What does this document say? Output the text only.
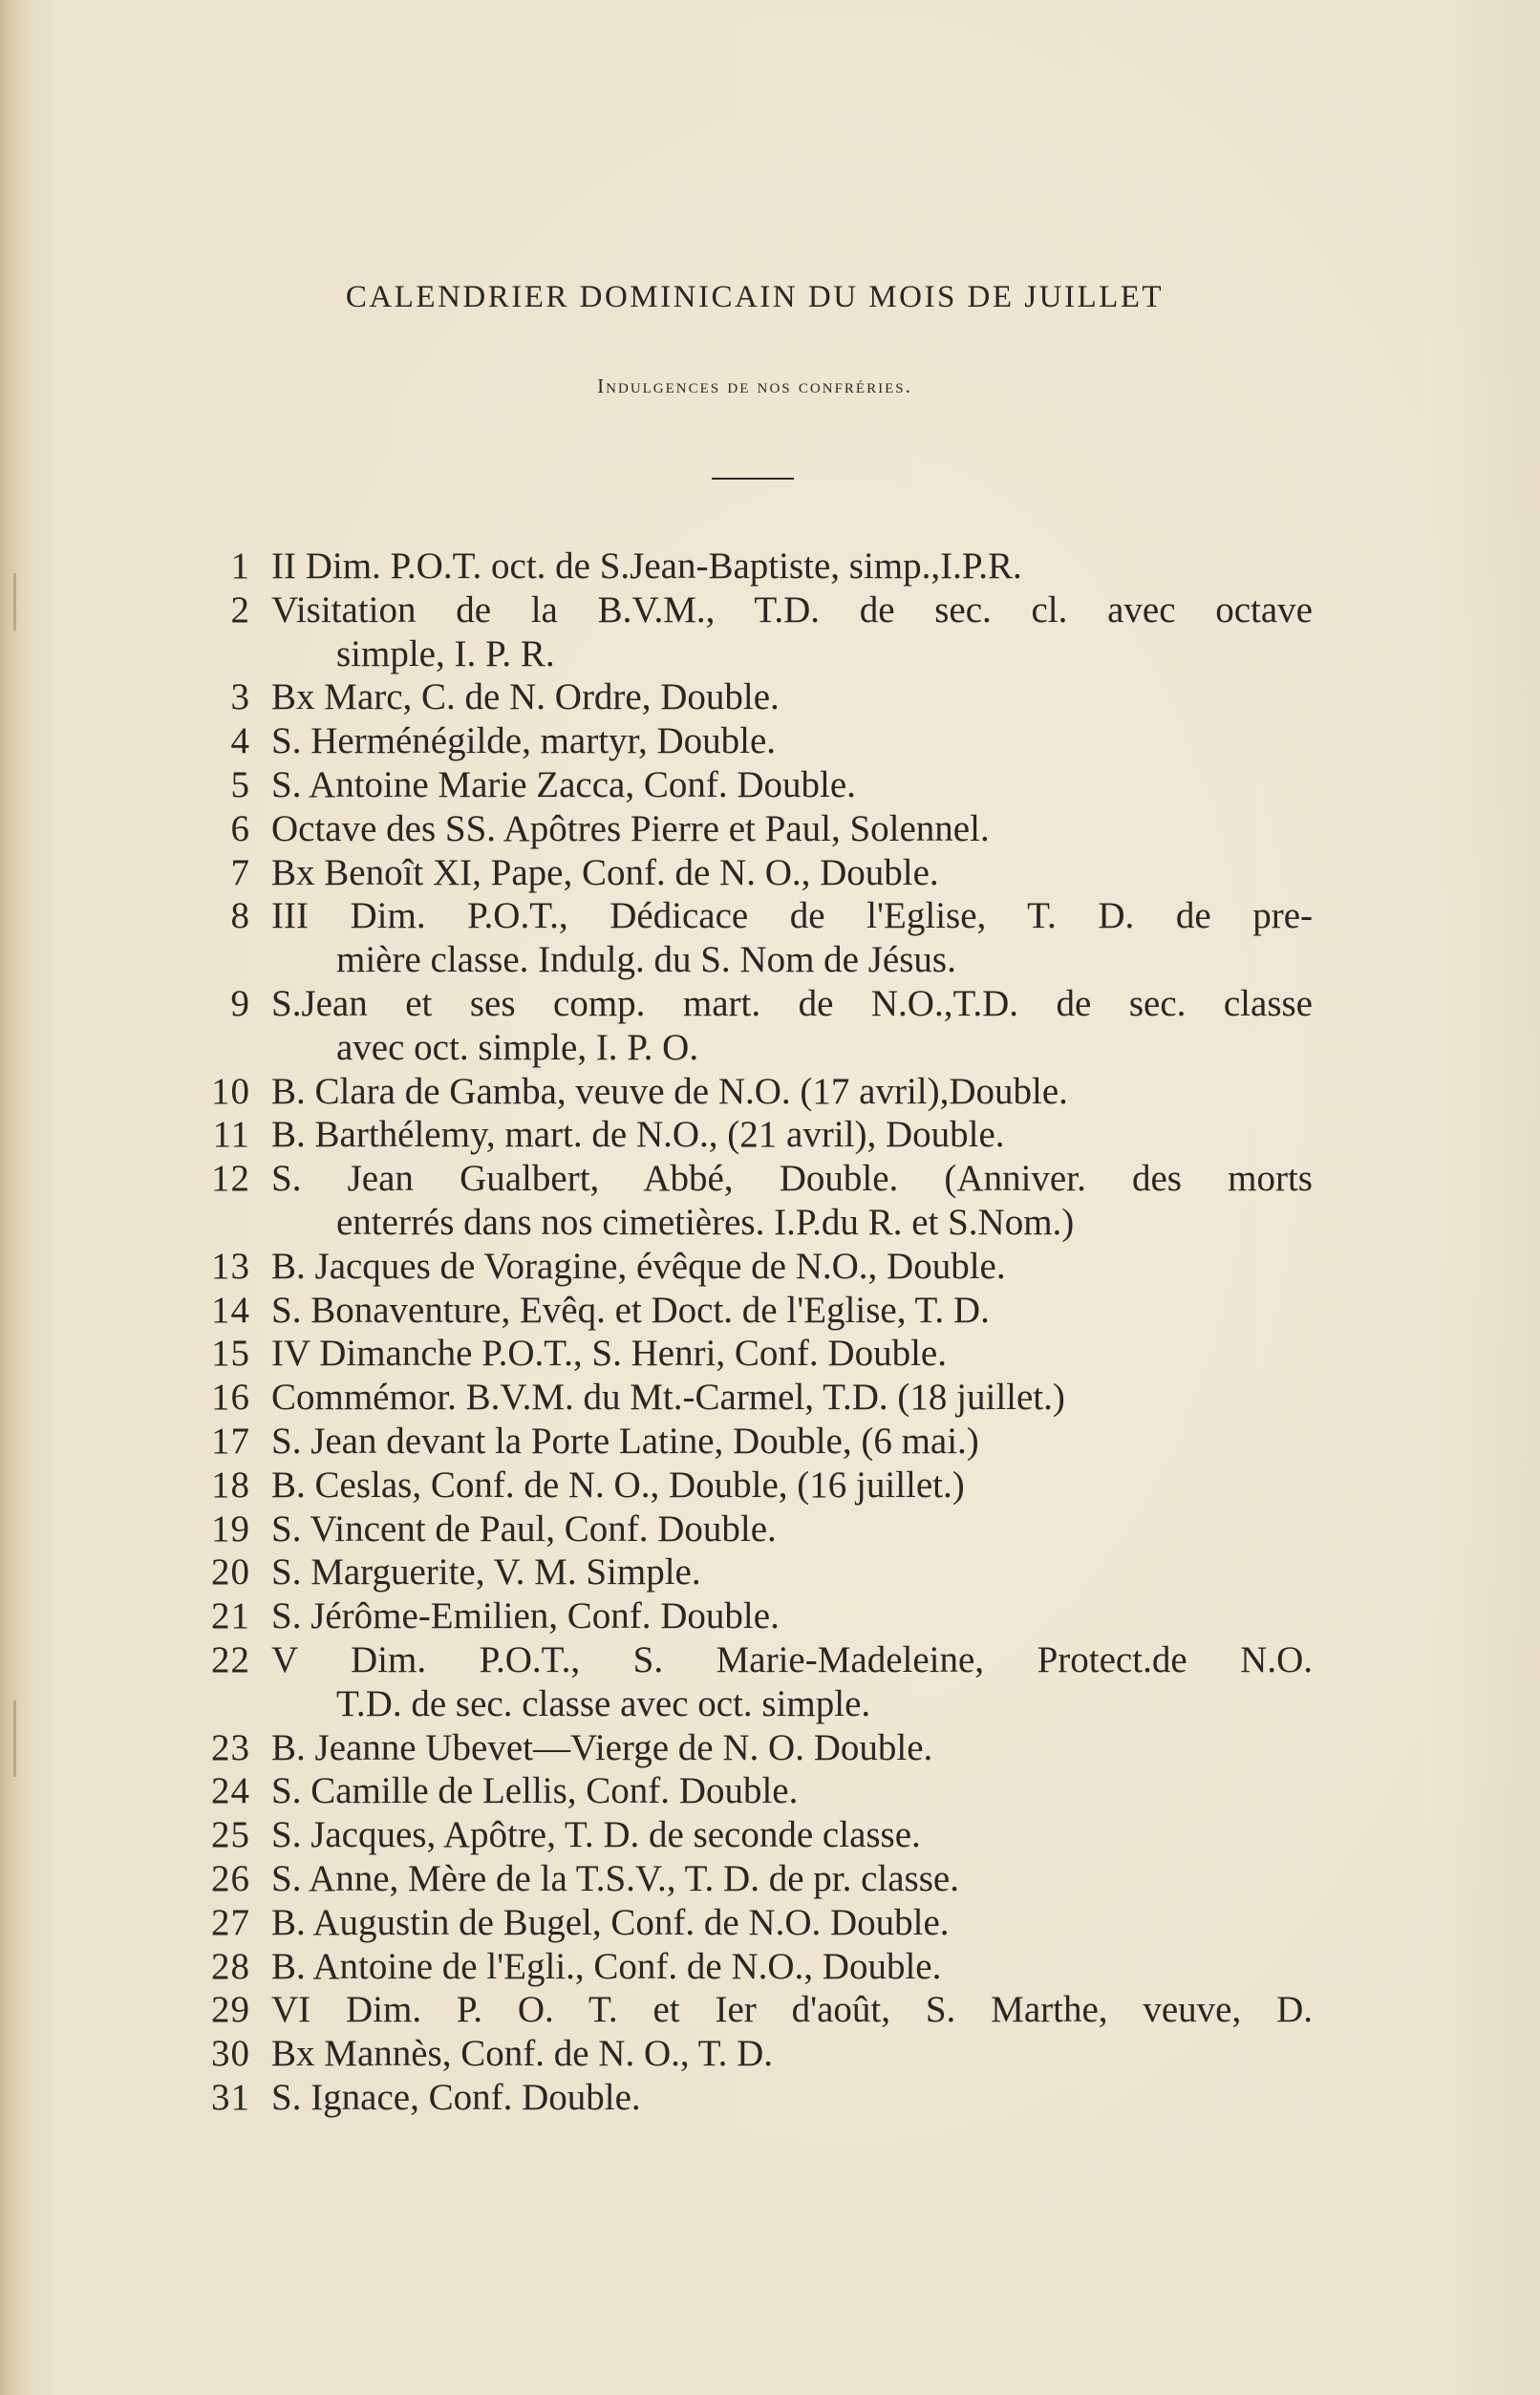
CALENDRIER DOMINICAIN DU MOIS DE JUILLET
Indulgences de nos confréries.
1 II Dim. P.O.T. oct. de S.Jean-Baptiste, simp.,I.P.R.
2 Visitation de la B.V.M., T.D. de sec. cl. avec octave
simple, I. P. R.
3 Bx Marc, C. de N. Ordre, Double.
4 S. Herménégilde, martyr, Double.
5 S. Antoine Marie Zacca, Conf. Double.
6 Octave des SS. Apôtres Pierre et Paul, Solennel.
7 Bx Benoît XI, Pape, Conf. de N. O., Double.
8 III Dim. P.O.T., Dédicace de l'Eglise, T. D. de pre-
mière classe. Indulg. du S. Nom de Jésus.
9 S.Jean et ses comp. mart. de N.O.,T.D. de sec. classe
avec oct. simple, I. P. O.
10 B. Clara de Gamba, veuve de N.O. (17 avril),Double.
11 B. Barthélemy, mart. de N.O., (21 avril), Double.
12 S. Jean Gualbert, Abbé, Double. (Anniver. des morts
enterrés dans nos cimetières. I.P.du R. et S.Nom.)
13 B. Jacques de Voragine, évêque de N.O., Double.
14 S. Bonaventure, Evêq. et Doct. de l'Eglise, T. D.
15 IV Dimanche P.O.T., S. Henri, Conf. Double.
16 Commémor. B.V.M. du Mt.-Carmel, T.D. (18 juillet.)
17 S. Jean devant la Porte Latine, Double, (6 mai.)
18 B. Ceslas, Conf. de N. O., Double, (16 juillet.)
19 S. Vincent de Paul, Conf. Double.
20 S. Marguerite, V. M. Simple.
21 S. Jérôme-Emilien, Conf. Double.
22 V Dim. P.O.T., S. Marie-Madeleine, Protect.de N.O.
T.D. de sec. classe avec oct. simple.
23 B. Jeanne Ubevet—Vierge de N. O. Double.
24 S. Camille de Lellis, Conf. Double.
25 S. Jacques, Apôtre, T. D. de seconde classe.
26 S. Anne, Mère de la T.S.V., T. D. de pr. classe.
27 B. Augustin de Bugel, Conf. de N.O. Double.
28 B. Antoine de l'Egli., Conf. de N.O., Double.
29 VI Dim. P. O. T. et Ier d'août, S. Marthe, veuve, D.
30 Bx Mannès, Conf. de N. O., T. D.
31 S. Ignace, Conf. Double.
